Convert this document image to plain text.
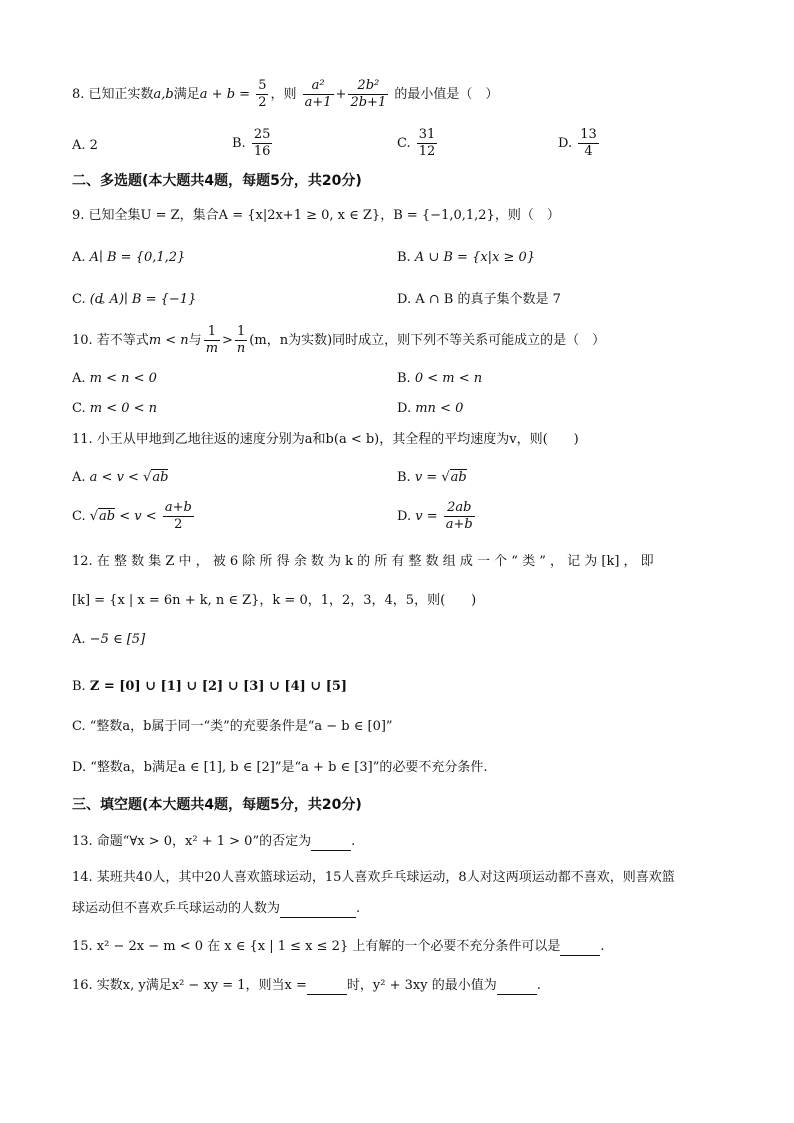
8. 已知正实数a,b满足$a + b = \frac{5}{2}$ ，则 $\frac{\text{a²}}{a+1} + \frac{\text{2b²}}{2b+1}$ 的最小值是（　）
A. 2	B. $\frac{25}{16}$	C. $\frac{31}{12}$	D. $\frac{13}{4}$
二、多选题(本大题共4题，每题5分，共20分)
9. 已知全集U = Z，集合A = {x|2x+1 ≥ 0, x ∈ Z}，B = {−1,0,1,2}，则（　）
A. A∣ B = {0,1,2}	B. A ∪ B = {x|x ≥ 0}
C. (ȡ A)∣ B = {−1}	D. A ∩ B 的真子集个数是 7
10. 若不等式m < n与 $\frac{1}{m} > \frac{1}{n} (m$，n为实数)同时成立，则下列不等关系可能成立的是（　）
A. m < n < 0	B. 0 < m < n
C. m < 0 < n	D. mn < 0
11. 小王从甲地到乙地往返的速度分别为a和b(a < b)，其全程的平均速度为v，则(　　)
A. a < v < √ab	B. v = √ab
C. $√ab < v < \frac{a+b}{2}$	D. $v = \frac{2ab}{a+b}$
12. 在 整 数 集 Z 中 ， 被 6 除 所 得 余 数 为 k 的 所 有 整 数 组 成 一 个 “ 类 ” ， 记 为 [k] ， 即
[k] = {x | x = 6n + k, n ∈ Z}，k = 0，1，2，3，4，5，则(　　)
A. −5 ∈ [5]
B. Z = [0] ∪ [1] ∪ [2] ∪ [3] ∪ [4] ∪ [5]
C. “整数a，b属于同一“类”的充要条件是“a − b ∈ [0]”
D. “整数a，b满足a ∈ [1], b ∈ [2]”是“a + b ∈ [3]”的必要不充分条件.
三、填空题(本大题共4题，每题5分，共20分)
13. 命题“∀x > 0，x² + 1 > 0”的否定为	.
14. 某班共40人，其中20人喜欢篮球运动，15人喜欢乒乓球运动，8人对这两项运动都不喜欢，则喜欢篮
球运动但不喜欢乒乓球运动的人数为	.
15. x² − 2x − m < 0 在 x ∈ {x | 1 ≤ x ≤ 2} 上有解的一个必要不充分条件可以是	.
16. 实数x, y满足x² − xy = 1，则当x =	时，y² + 3xy 的最小值为	.
